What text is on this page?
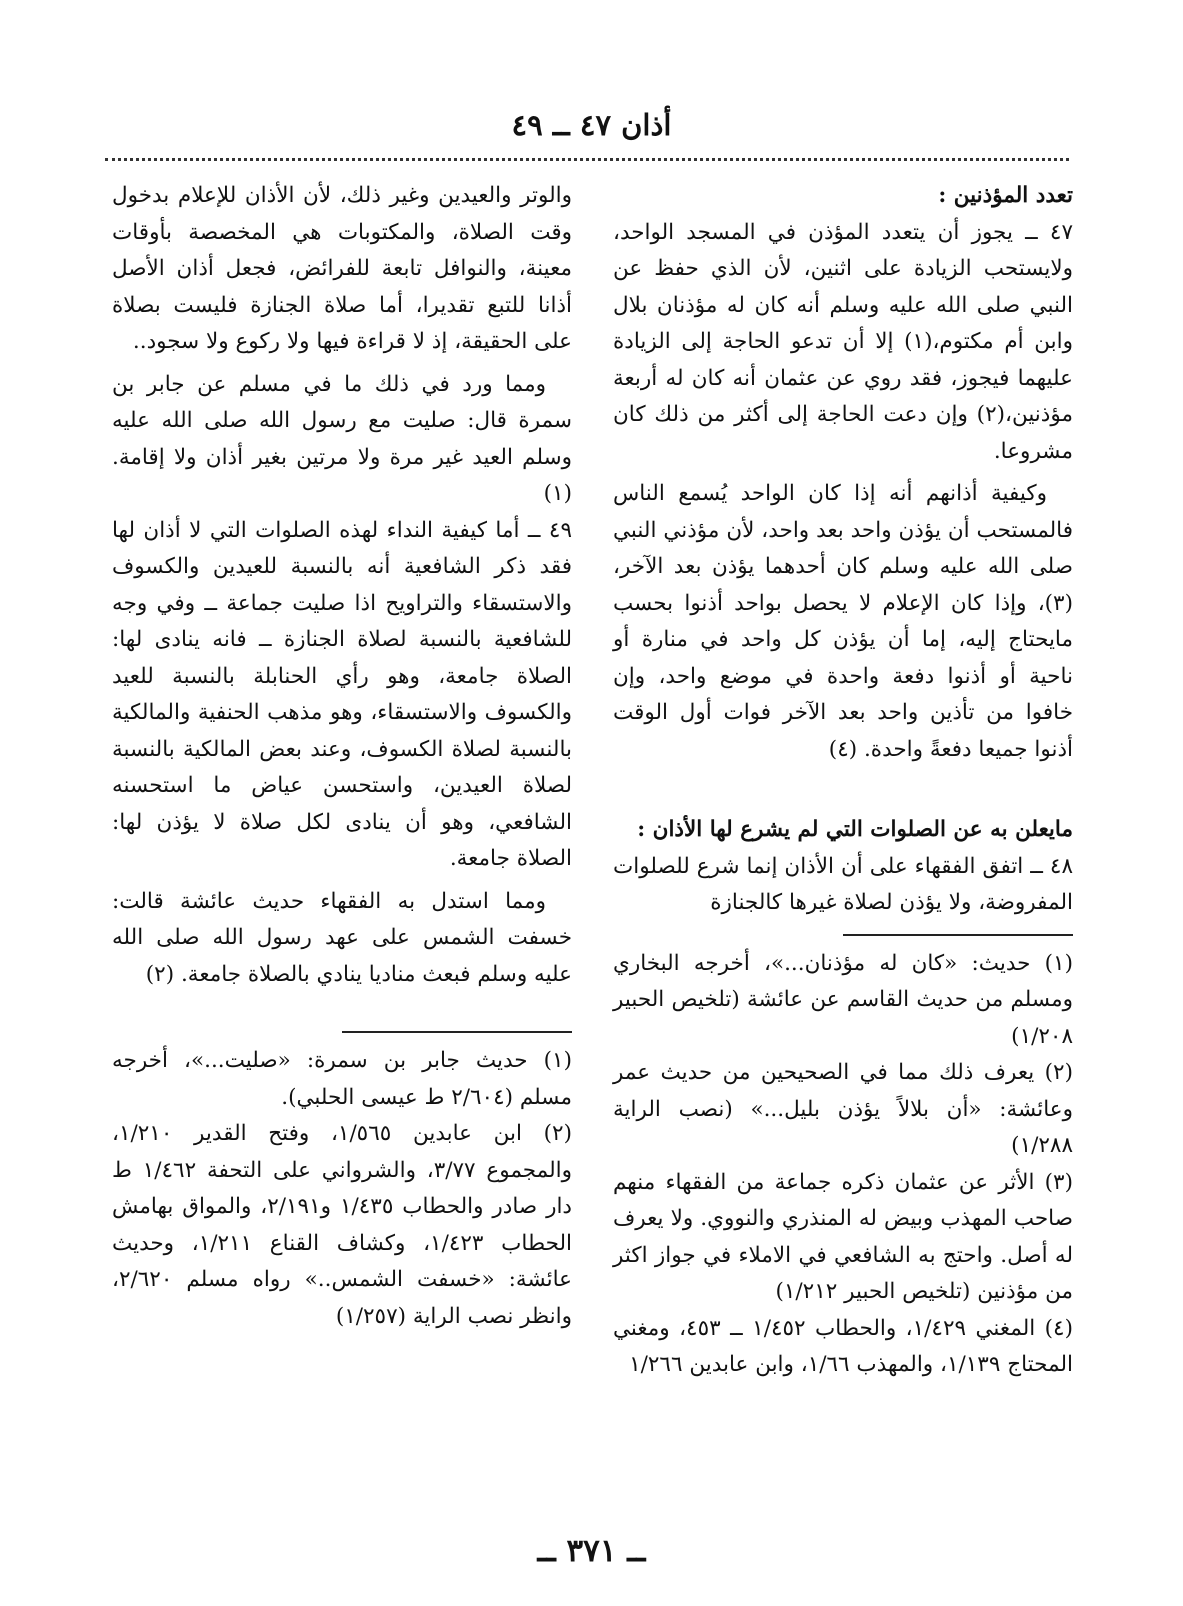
أذان ٤٧ ــ ٤٩
تعدد المؤذنين :

٤٧ ــ يجوز أن يتعدد المؤذن في المسجد الواحد، ولايستحب الزيادة على اثنين، لأن الذي حفظ عن النبي صلى الله عليه وسلم أنه كان له مؤذنان بلال وابن أم مكتوم،(١) إلا أن تدعو الحاجة إلى الزيادة عليهما فيجوز، فقد روي عن عثمان أنه كان له أربعة مؤذنين،(٢) وإن دعت الحاجة إلى أكثر من ذلك كان مشروعا.

وكيفية أذانهم أنه إذا كان الواحد يُسمع الناس فالمستحب أن يؤذن واحد بعد واحد، لأن مؤذني النبي صلى الله عليه وسلم كان أحدهما يؤذن بعد الآخر،(٣)، وإذا كان الإعلام لا يحصل بواحد أذنوا بحسب مايحتاج إليه، إما أن يؤذن كل واحد في منارة أو ناحية أو أذنوا دفعة واحدة في موضع واحد، وإن خافوا من تأذين واحد بعد الآخر فوات أول الوقت أذنوا جميعا دفعةً واحدة. (٤)

مايعلن به عن الصلوات التي لم يشرع لها الأذان :

٤٨ ــ اتفق الفقهاء على أن الأذان إنما شرع للصلوات المفروضة، ولا يؤذن لصلاة غيرها كالجنازة

(١) حديث: «كان له مؤذنان...»، أخرجه البخاري ومسلم من حديث القاسم عن عائشة (تلخيص الحبير ١/٢٠٨)

(٢) يعرف ذلك مما في الصحيحين من حديث عمر وعائشة: «أن بلالاً يؤذن بليل...» (نصب الراية ١/٢٨٨)

(٣) الأثر عن عثمان ذكره جماعة من الفقهاء منهم صاحب المهذب وبيض له المنذري والنووي. ولا يعرف له أصل. واحتج به الشافعي في الاملاء في جواز اكثر من مؤذنين (تلخيص الحبير ١/٢١٢)

(٤) المغني ١/٤٢٩، والحطاب ١/٤٥٢ ــ ٤٥٣، ومغني المحتاج ١/١٣٩، والمهذب ١/٦٦، وابن عابدين ١/٢٦٦

والوتر والعيدين وغير ذلك، لأن الأذان للإعلام بدخول وقت الصلاة، والمكتوبات هي المخصصة بأوقات معينة، والنوافل تابعة للفرائض، فجعل أذان الأصل أذانا للتبع تقديرا، أما صلاة الجنازة فليست بصلاة على الحقيقة، إذ لا قراءة فيها ولا ركوع ولا سجود..

ومما ورد في ذلك ما في مسلم عن جابر بن سمرة قال: صليت مع رسول الله صلى الله عليه وسلم العيد غير مرة ولا مرتين بغير أذان ولا إقامة. (١)

٤٩ ــ أما كيفية النداء لهذه الصلوات التي لا أذان لها فقد ذكر الشافعية أنه بالنسبة للعيدين والكسوف والاستسقاء والتراويح اذا صليت جماعة ــ وفي وجه للشافعية بالنسبة لصلاة الجنازة ــ فانه ينادى لها: الصلاة جامعة، وهو رأي الحنابلة بالنسبة للعيد والكسوف والاستسقاء، وهو مذهب الحنفية والمالكية بالنسبة لصلاة الكسوف، وعند بعض المالكية بالنسبة لصلاة العيدين، واستحسن عياض ما استحسنه الشافعي، وهو أن ينادى لكل صلاة لا يؤذن لها: الصلاة جامعة.

ومما استدل به الفقهاء حديث عائشة قالت: خسفت الشمس على عهد رسول الله صلى الله عليه وسلم فبعث مناديا ينادي بالصلاة جامعة. (٢)

(١) حديث جابر بن سمرة: «صليت...»، أخرجه مسلم (٢/٦٠٤ ط عيسى الحلبي).

(٢) ابن عابدين ١/٥٦٥، وفتح القدير ١/٢١٠، والمجموع ٣/٧٧، والشرواني على التحفة ١/٤٦٢ ط دار صادر والحطاب ١/٤٣٥ و٢/١٩١، والمواق بهامش الحطاب ١/٤٢٣، وكشاف القناع ١/٢١١، وحديث عائشة: «خسفت الشمس..» رواه مسلم ٢/٦٢٠، وانظر نصب الراية (١/٢٥٧)

ــ ٣٧١ ــ
